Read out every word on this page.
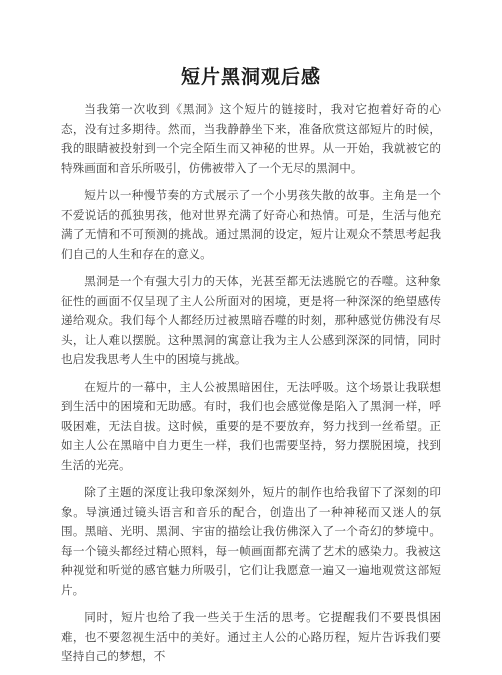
短片黑洞观后感

当我第一次收到《黑洞》这个短片的链接时，我对它抱着好奇的心态，没有过多期待。然而，当我静静坐下来，准备欣赏这部短片的时候，我的眼睛被投射到一个完全陌生而又神秘的世界。从一开始，我就被它的特殊画面和音乐所吸引，仿佛被带入了一个无尽的黑洞中。

短片以一种慢节奏的方式展示了一个小男孩失散的故事。主角是一个不爱说话的孤独男孩，他对世界充满了好奇心和热情。可是，生活与他充满了无情和不可预测的挑战。通过黑洞的设定，短片让观众不禁思考起我们自己的人生和存在的意义。

黑洞是一个有强大引力的天体，光甚至都无法逃脱它的吞噬。这种象征性的画面不仅呈现了主人公所面对的困境，更是将一种深深的绝望感传递给观众。我们每个人都经历过被黑暗吞噬的时刻，那种感觉仿佛没有尽头，让人难以摆脱。这种黑洞的寓意让我为主人公感到深深的同情，同时也启发我思考人生中的困境与挑战。

在短片的一幕中，主人公被黑暗困住，无法呼吸。这个场景让我联想到生活中的困境和无助感。有时，我们也会感觉像是陷入了黑洞一样，呼吸困难，无法自拔。这时候，重要的是不要放弃，努力找到一丝希望。正如主人公在黑暗中自力更生一样，我们也需要坚持，努力摆脱困境，找到生活的光亮。

除了主题的深度让我印象深刻外，短片的制作也给我留下了深刻的印象。导演通过镜头语言和音乐的配合，创造出了一种神秘而又迷人的氛围。黑暗、光明、黑洞、宇宙的描绘让我仿佛深入了一个奇幻的梦境中。每一个镜头都经过精心照料，每一帧画面都充满了艺术的感染力。我被这种视觉和听觉的感官魅力所吸引，它们让我愿意一遍又一遍地观赏这部短片。

同时，短片也给了我一些关于生活的思考。它提醒我们不要畏惧困难，也不要忽视生活中的美好。通过主人公的心路历程，短片告诉我们要坚持自己的梦想，不
